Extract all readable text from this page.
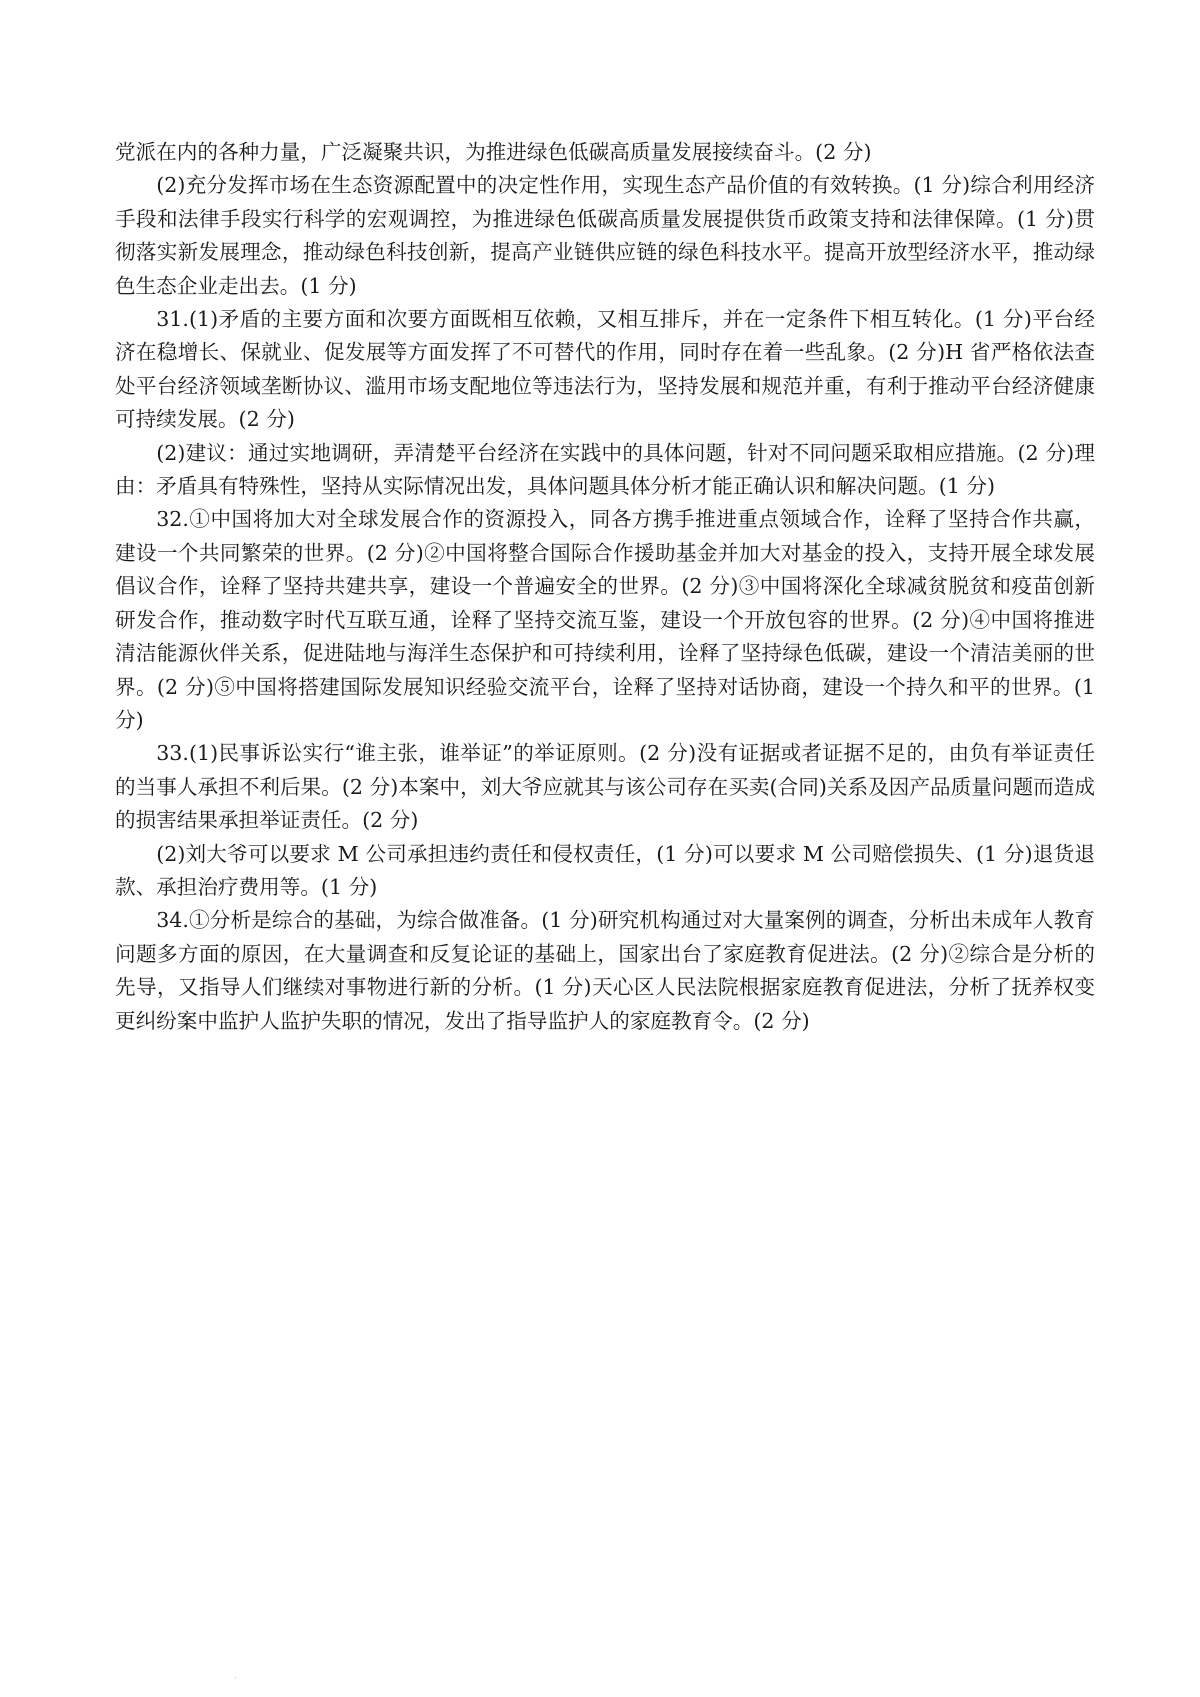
党派在内的各种力量，广泛凝聚共识，为推进绿色低碳高质量发展接续奋斗。(2 分)

(2)充分发挥市场在生态资源配置中的决定性作用，实现生态产品价值的有效转换。(1 分)综合利用经济手段和法律手段实行科学的宏观调控，为推进绿色低碳高质量发展提供货币政策支持和法律保障。(1 分)贯彻落实新发展理念，推动绿色科技创新，提高产业链供应链的绿色科技水平。提高开放型经济水平，推动绿色生态企业走出去。(1 分)

31.(1)矛盾的主要方面和次要方面既相互依赖，又相互排斥，并在一定条件下相互转化。(1 分)平台经济在稳增长、保就业、促发展等方面发挥了不可替代的作用，同时存在着一些乱象。(2 分)H 省严格依法查处平台经济领域垄断协议、滥用市场支配地位等违法行为，坚持发展和规范并重，有利于推动平台经济健康可持续发展。(2 分)

(2)建议：通过实地调研，弄清楚平台经济在实践中的具体问题，针对不同问题采取相应措施。(2 分)理由：矛盾具有特殊性，坚持从实际情况出发，具体问题具体分析才能正确认识和解决问题。(1 分)

32.①中国将加大对全球发展合作的资源投入，同各方携手推进重点领域合作，诠释了坚持合作共赢，建设一个共同繁荣的世界。(2 分)②中国将整合国际合作援助基金并加大对基金的投入，支持开展全球发展倡议合作，诠释了坚持共建共享，建设一个普遍安全的世界。(2 分)③中国将深化全球减贫脱贫和疫苗创新研发合作，推动数字时代互联互通，诠释了坚持交流互鉴，建设一个开放包容的世界。(2 分)④中国将推进清洁能源伙伴关系，促进陆地与海洋生态保护和可持续利用，诠释了坚持绿色低碳，建设一个清洁美丽的世界。(2 分)⑤中国将搭建国际发展知识经验交流平台，诠释了坚持对话协商，建设一个持久和平的世界。(1 分)

33.(1)民事诉讼实行“谁主张，谁举证”的举证原则。(2 分)没有证据或者证据不足的，由负有举证责任的当事人承担不利后果。(2 分)本案中，刘大爷应就其与该公司存在买卖(合同)关系及因产品质量问题而造成的损害结果承担举证责任。(2 分)

(2)刘大爷可以要求 M 公司承担违约责任和侵权责任，(1 分)可以要求 M 公司赔偿损失、(1 分)退货退款、承担治疗费用等。(1 分)

34.①分析是综合的基础，为综合做准备。(1 分)研究机构通过对大量案例的调查，分析出未成年人教育问题多方面的原因，在大量调查和反复论证的基础上，国家出台了家庭教育促进法。(2 分)②综合是分析的先导，又指导人们继续对事物进行新的分析。(1 分)天心区人民法院根据家庭教育促进法，分析了抚养权变更纠纷案中监护人监护失职的情况，发出了指导监护人的家庭教育令。(2 分)

·
